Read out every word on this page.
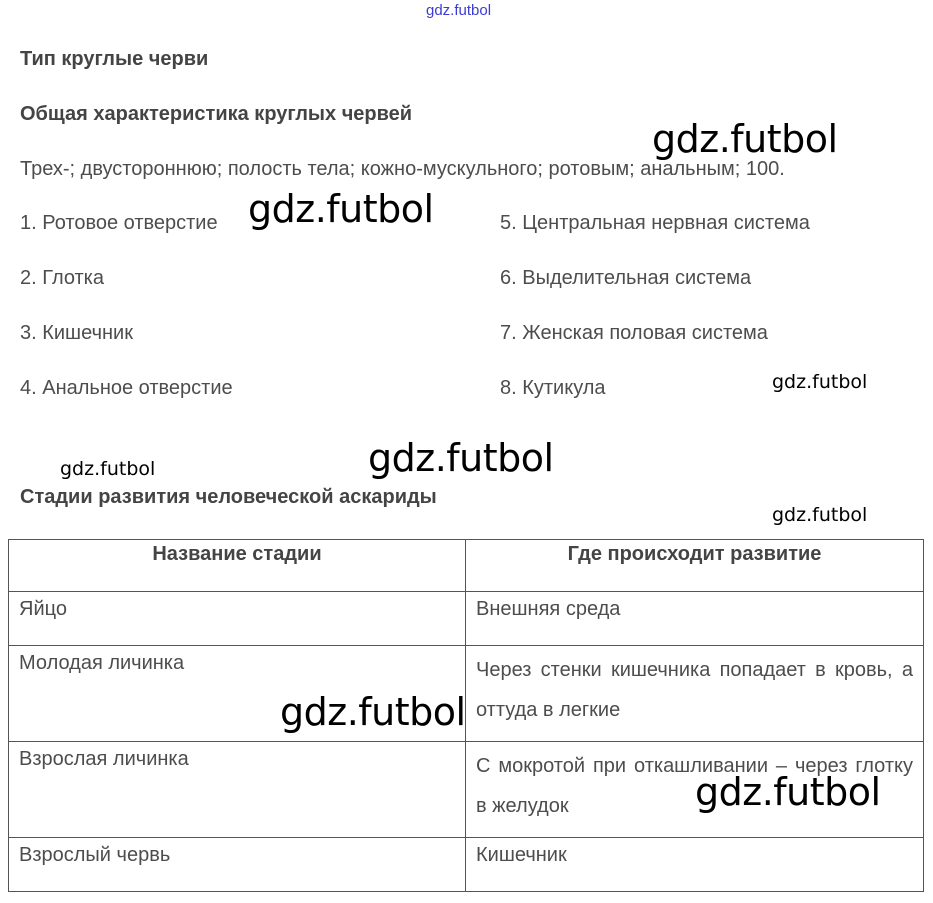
gdz.futbol
Тип круглые черви
Общая характеристика круглых червей
Трех-; двустороннюю; полость тела; кожно-мускульного; ротовым; анальным; 100.
1. Ротовое отверстие
2. Глотка
3. Кишечник
4. Анальное отверстие
5. Центральная нервная система
6. Выделительная система
7. Женская половая система
8. Кутикула
Стадии развития человеческой аскариды
Название стадии	Где происходит развитие
Яйцо	Внешняя среда
Молодая личинка	Через стенки кишечника попадает в кровь, а оттуда в легкие
Взрослая личинка	С мокротой при откашливании – через глотку в желудок
Взрослый червь	Кишечник
gdz.futbol
gdz.futbol
gdz.futbol
gdz.futbol
gdz.futbol
gdz.futbol
gdz.futbol
gdz.futbol
